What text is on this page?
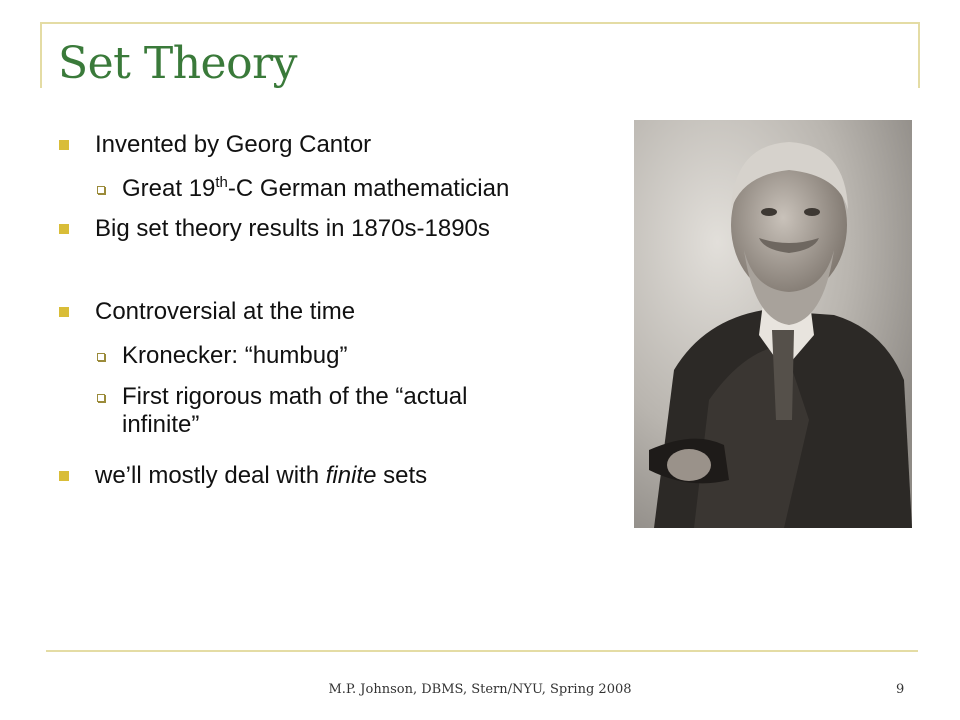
Set Theory
Invented by Georg Cantor
Great 19th-C German mathematician
Big set theory results in 1870s-1890s
Controversial at the time
Kronecker: “humbug”
First rigorous math of the “actual
infinite”
we’ll mostly deal with finite sets
M.P. Johnson, DBMS, Stern/NYU, Spring 2008	9
